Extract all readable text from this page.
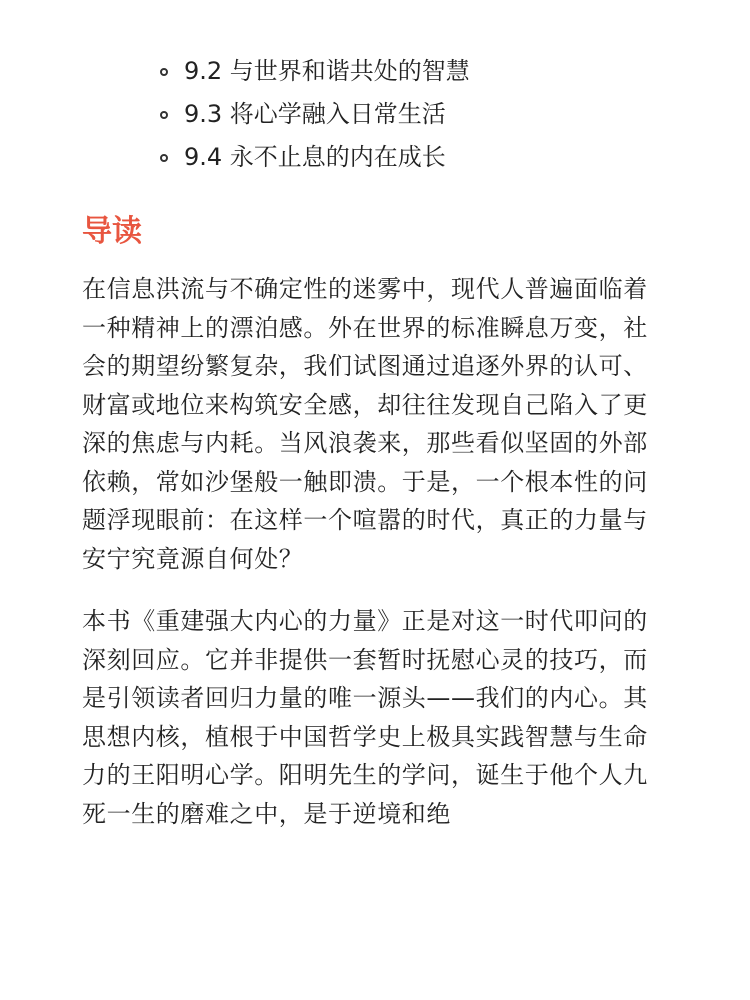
9.2 与世界和谐共处的智慧
9.3 将心学融入日常生活
9.4 永不止息的内在成长
导读

在信息洪流与不确定性的迷雾中，现代人普遍面临着一种精神上的漂泊感。外在世界的标准瞬息万变，社会的期望纷繁复杂，我们试图通过追逐外界的认可、财富或地位来构筑安全感，却往往发现自己陷入了更深的焦虑与内耗。当风浪袭来，那些看似坚固的外部依赖，常如沙堡般一触即溃。于是，一个根本性的问题浮现眼前：在这样一个喧嚣的时代，真正的力量与安宁究竟源自何处？

本书《重建强大内心的力量》正是对这一时代叩问的深刻回应。它并非提供一套暂时抚慰心灵的技巧，而是引领读者回归力量的唯一源头——我们的内心。其思想内核，植根于中国哲学史上极具实践智慧与生命力的王阳明心学。阳明先生的学问，诞生于他个人九死一生的磨难之中，是于逆境和绝
